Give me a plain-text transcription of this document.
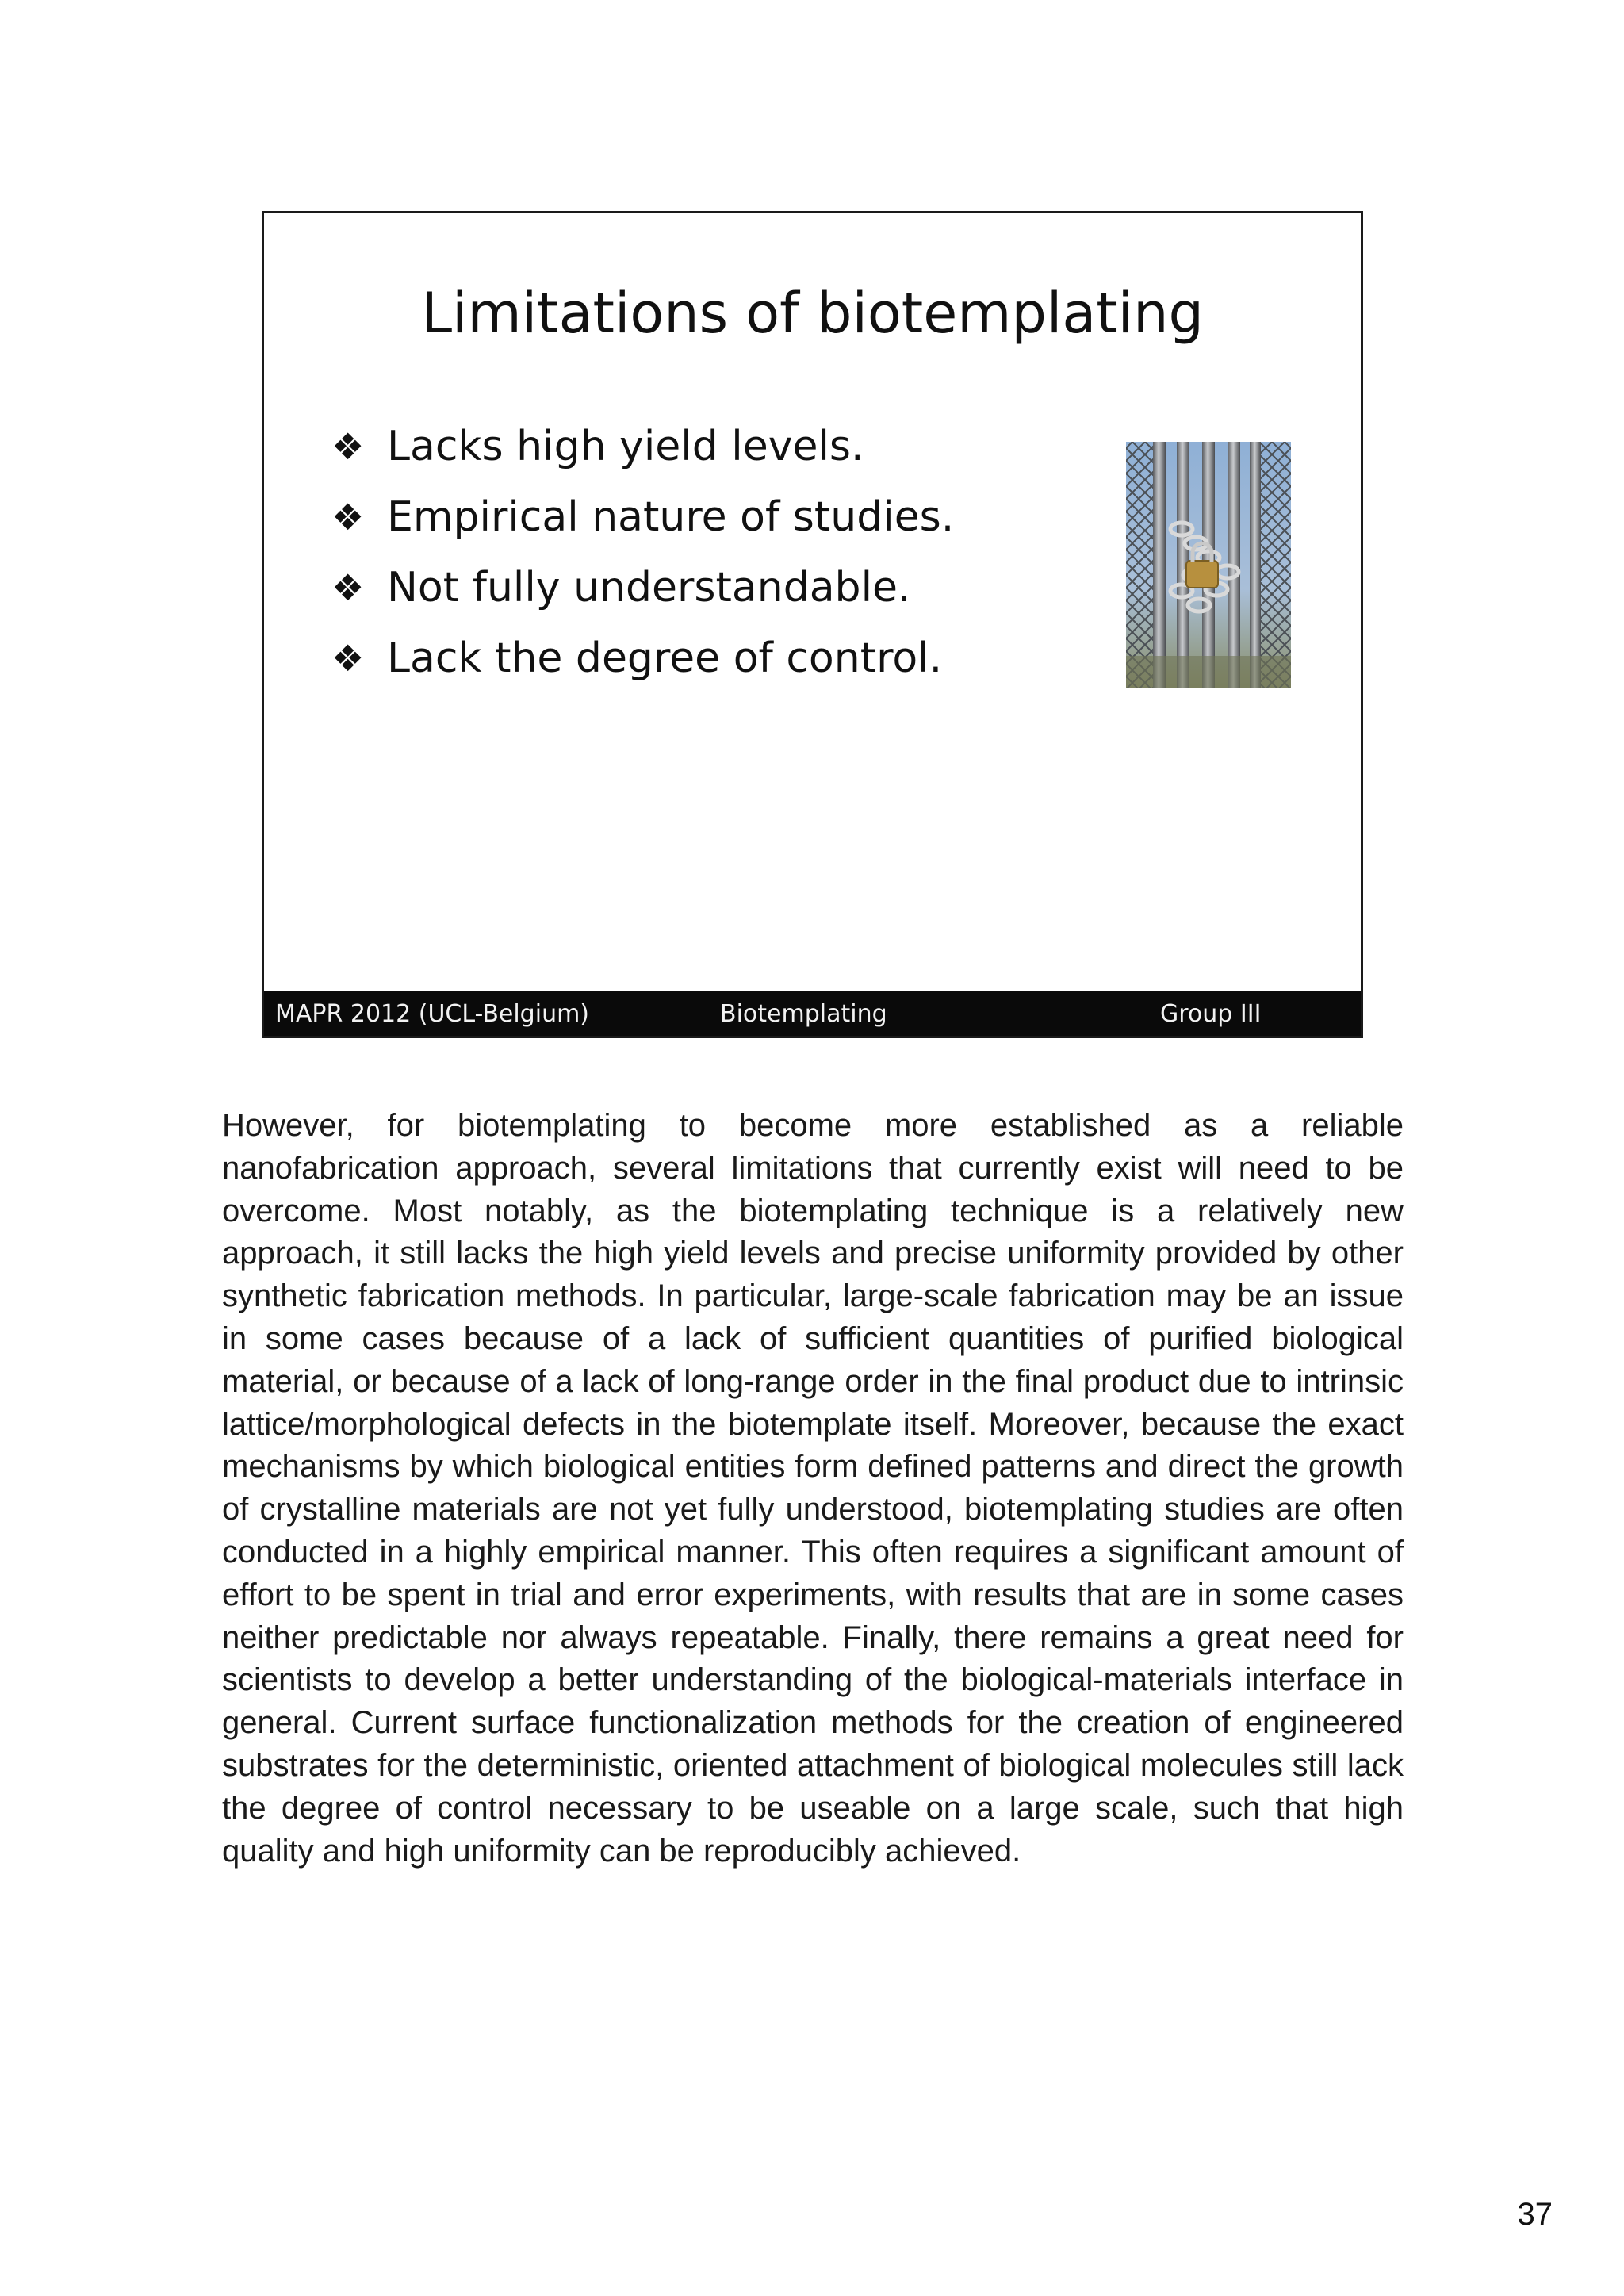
Limitations of biotemplating
❖ Lacks high yield levels.
❖ Empirical nature of studies.
❖ Not fully understandable.
❖ Lack the degree of control.
MAPR 2012 (UCL-Belgium)	Biotemplating	Group III

However, for biotemplating to become more established as a reliable nanofabrication approach, several limitations that currently exist will need to be overcome. Most notably, as the biotemplating technique is a relatively new approach, it still lacks the high yield levels and precise uniformity provided by other synthetic fabrication methods. In particular, large-scale fabrication may be an issue in some cases because of a lack of sufficient quantities of purified biological material, or because of a lack of long-range order in the final product due to intrinsic lattice/morphological defects in the biotemplate itself. Moreover, because the exact mechanisms by which biological entities form defined patterns and direct the growth of crystalline materials are not yet fully understood, biotemplating studies are often conducted in a highly empirical manner. This often requires a significant amount of effort to be spent in trial and error experiments, with results that are in some cases neither predictable nor always repeatable. Finally, there remains a great need for scientists to develop a better understanding of the biological-materials interface in general. Current surface functionalization methods for the creation of engineered substrates for the deterministic, oriented attachment of biological molecules still lack the degree of control necessary to be useable on a large scale, such that high quality and high uniformity can be reproducibly achieved.

37
